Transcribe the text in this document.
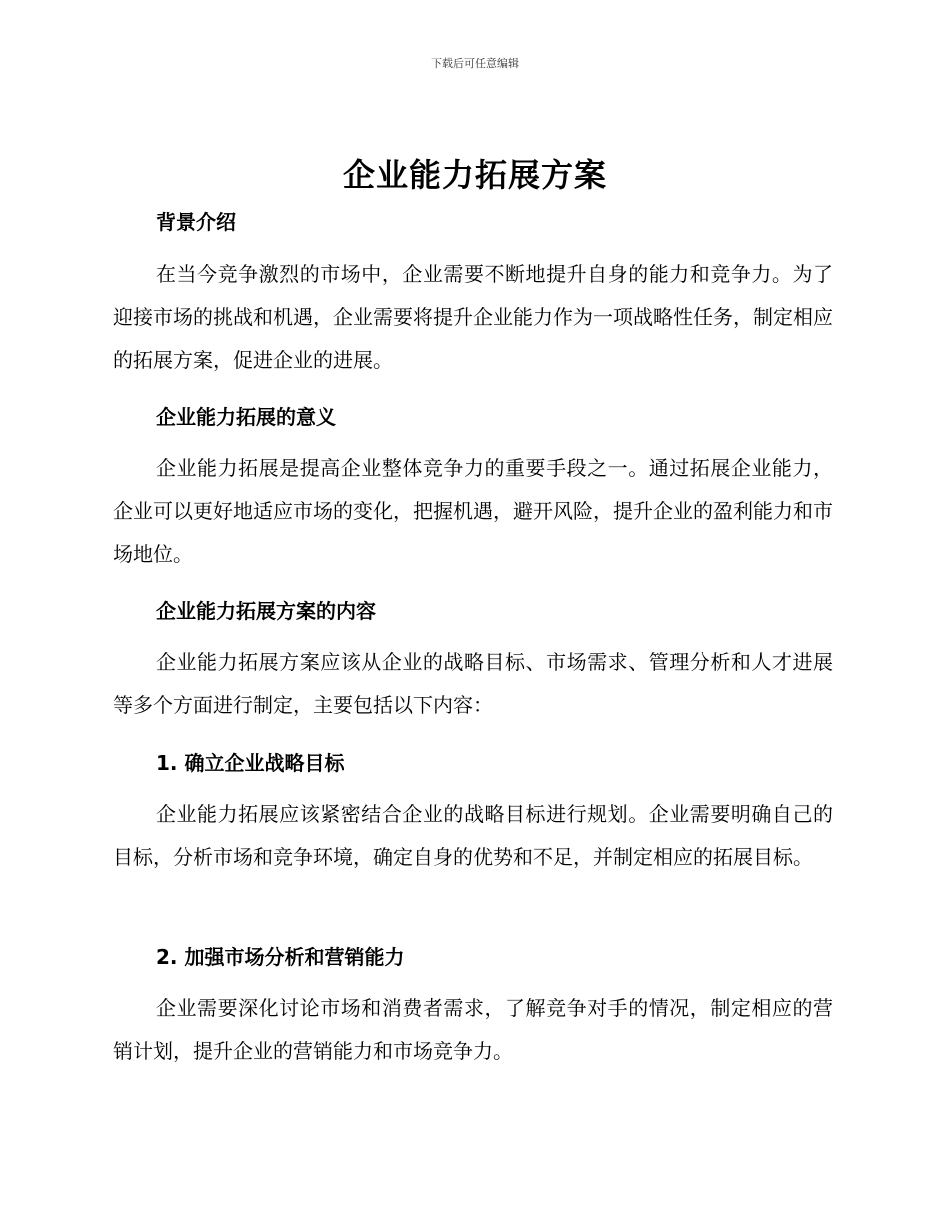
下载后可任意编辑
企业能力拓展方案
背景介绍

在当今竞争激烈的市场中，企业需要不断地提升自身的能力和竞争力。为了迎接市场的挑战和机遇，企业需要将提升企业能力作为一项战略性任务，制定相应的拓展方案，促进企业的进展。

企业能力拓展的意义

企业能力拓展是提高企业整体竞争力的重要手段之一。通过拓展企业能力，企业可以更好地适应市场的变化，把握机遇，避开风险，提升企业的盈利能力和市场地位。

企业能力拓展方案的内容

企业能力拓展方案应该从企业的战略目标、市场需求、管理分析和人才进展等多个方面进行制定，主要包括以下内容：

1. 确立企业战略目标

企业能力拓展应该紧密结合企业的战略目标进行规划。企业需要明确自己的目标，分析市场和竞争环境，确定自身的优势和不足，并制定相应的拓展目标。

2. 加强市场分析和营销能力

企业需要深化讨论市场和消费者需求，了解竞争对手的情况，制定相应的营销计划，提升企业的营销能力和市场竞争力。
